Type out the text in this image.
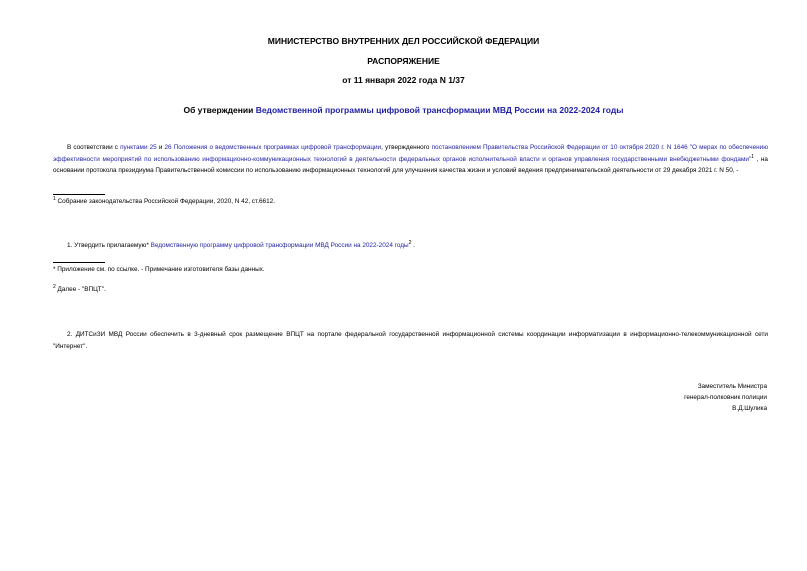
МИНИСТЕРСТВО ВНУТРЕННИХ ДЕЛ РОССИЙСКОЙ ФЕДЕРАЦИИ
РАСПОРЯЖЕНИЕ
от 11 января 2022 года N 1/37
Об утверждении Ведомственной программы цифровой трансформации МВД России на 2022-2024 годы
В соответствии с пунктами 25 и 26 Положения о ведомственных программах цифровой трансформации, утвержденного постановлением Правительства Российской Федерации от 10 октября 2020 г. N 1646 "О мерах по обеспечению эффективности мероприятий по использованию информационно-коммуникационных технологий в деятельности федеральных органов исполнительной власти и органов управления государственными внебюджетными фондами"$^1$ , на основании протокола президиума Правительственной комиссии по использованию информационных технологий для улучшения качества жизни и условий ведения предпринимательской деятельности от 29 декабря 2021 г. N 50, -
$^1$ Собрание законодательства Российской Федерации, 2020, N 42, ст.6612.
1. Утвердить прилагаемую* Ведомственную программу цифровой трансформации МВД России на 2022-2024 годы$^2$ .
* Приложение см. по ссылке. - Примечание изготовителя базы данных.
$^2$ Далее - "ВПЦТ".
2. ДИТСиЗИ МВД России обеспечить в 3-дневный срок размещение ВПЦТ на портале федеральной государственной информационной системы координации информатизации в информационно-телекоммуникационной сети "Интернет".
Заместитель Министра
генерал-полковник полиции
В.Д.Шулика
